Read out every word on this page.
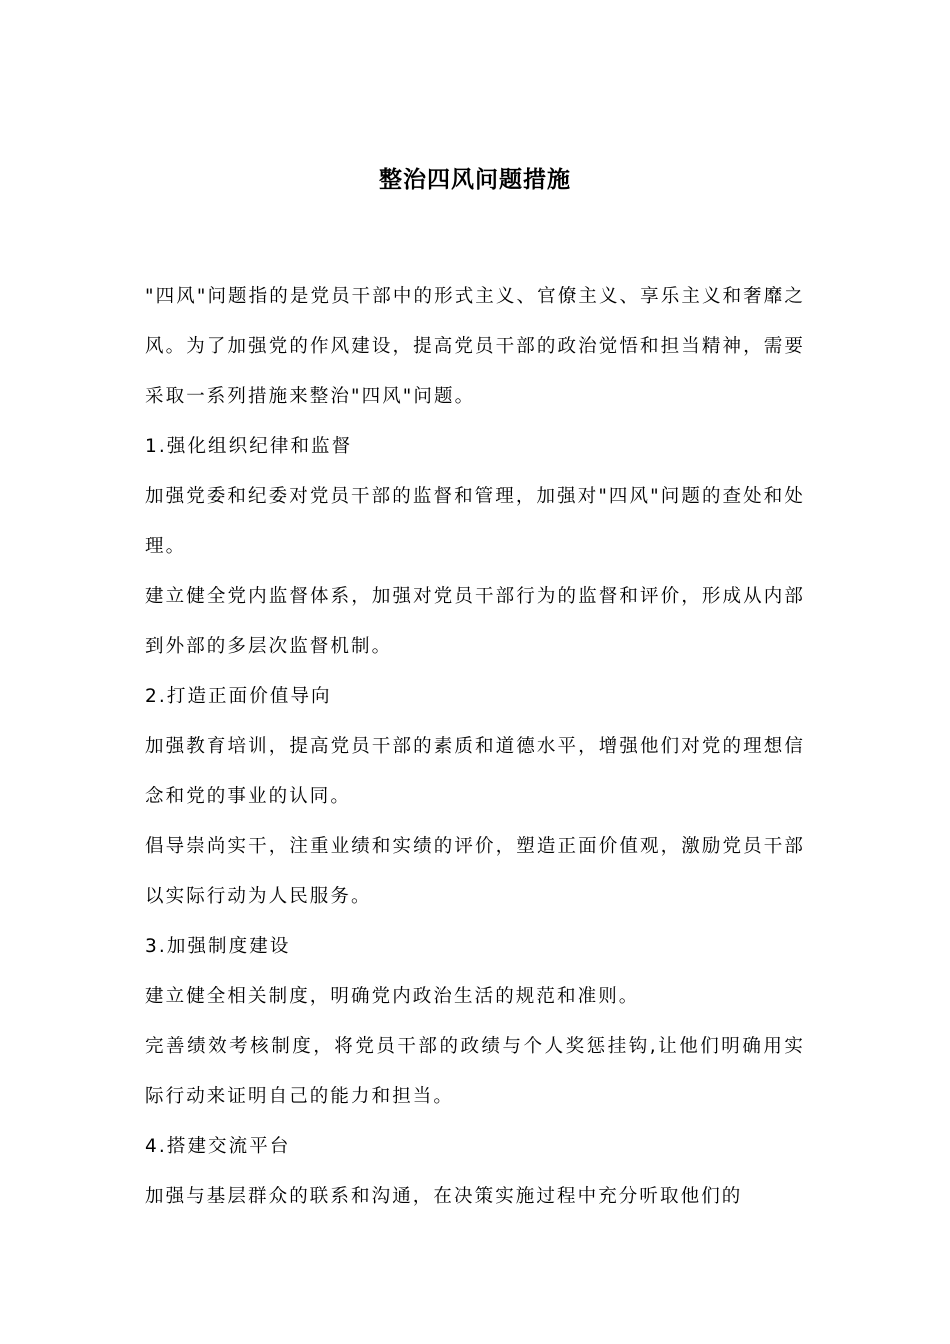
整治四风问题措施

"四风"问题指的是党员干部中的形式主义、官僚主义、享乐主义和奢靡之风。为了加强党的作风建设，提高党员干部的政治觉悟和担当精神，需要采取一系列措施来整治"四风"问题。

1.强化组织纪律和监督

加强党委和纪委对党员干部的监督和管理，加强对"四风"问题的查处和处理。

建立健全党内监督体系，加强对党员干部行为的监督和评价，形成从内部到外部的多层次监督机制。

2.打造正面价值导向

加强教育培训，提高党员干部的素质和道德水平，增强他们对党的理想信念和党的事业的认同。

倡导崇尚实干，注重业绩和实绩的评价，塑造正面价值观，激励党员干部以实际行动为人民服务。

3.加强制度建设

建立健全相关制度，明确党内政治生活的规范和准则。

完善绩效考核制度，将党员干部的政绩与个人奖惩挂钩,让他们明确用实际行动来证明自己的能力和担当。

4.搭建交流平台

加强与基层群众的联系和沟通，在决策实施过程中充分听取他们的
